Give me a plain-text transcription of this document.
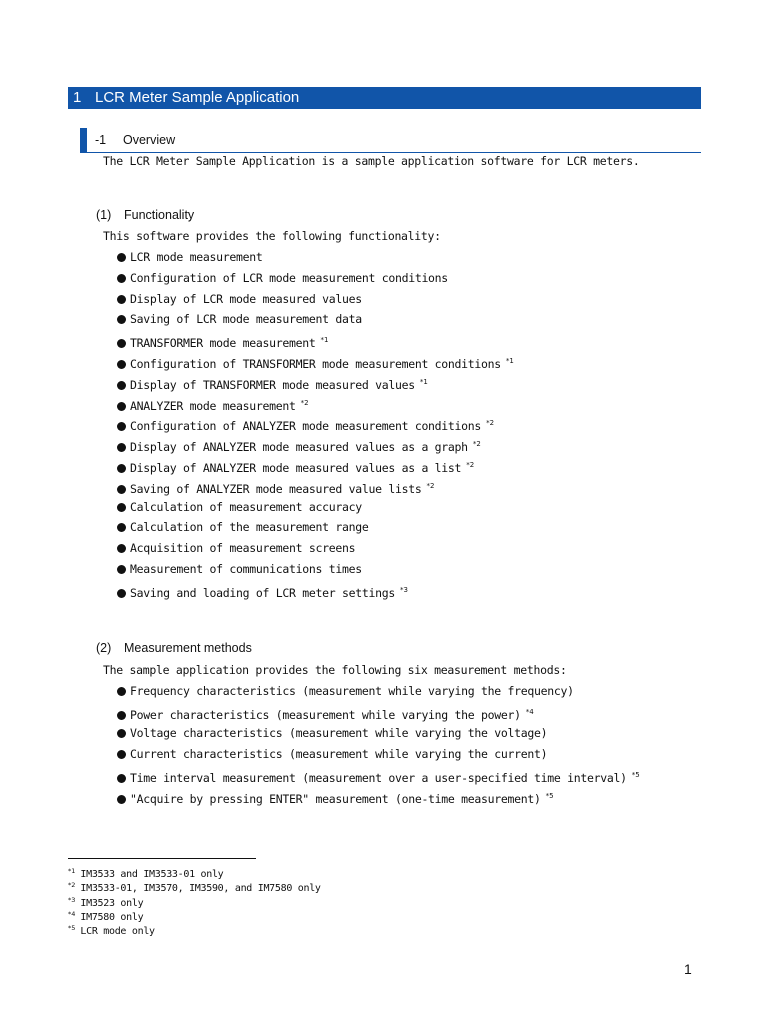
1 LCR Meter Sample Application
-1 Overview
The LCR Meter Sample Application is a sample application software for LCR meters.
(1) Functionality
This software provides the following functionality:
LCR mode measurement
Configuration of LCR mode measurement conditions
Display of LCR mode measured values
Saving of LCR mode measurement data
TRANSFORMER mode measurement $^{*1}$
Configuration of TRANSFORMER mode measurement conditions $^{*1}$
Display of TRANSFORMER mode measured values $^{*1}$
ANALYZER mode measurement $^{*2}$
Configuration of ANALYZER mode measurement conditions $^{*2}$
Display of ANALYZER mode measured values as a graph $^{*2}$
Display of ANALYZER mode measured values as a list $^{*2}$
Saving of ANALYZER mode measured value lists $^{*2}$
Calculation of measurement accuracy
Calculation of the measurement range
Acquisition of measurement screens
Measurement of communications times
Saving and loading of LCR meter settings $^{*3}$
(2) Measurement methods
The sample application provides the following six measurement methods:
Frequency characteristics (measurement while varying the frequency)
Power characteristics (measurement while varying the power) $^{*4}$
Voltage characteristics (measurement while varying the voltage)
Current characteristics (measurement while varying the current)
Time interval measurement (measurement over a user-specified time interval) $^{*5}$
"Acquire by pressing ENTER" measurement (one-time measurement) $^{*5}$
$^{*1}$ IM3533 and IM3533-01 only
$^{*2}$ IM3533-01, IM3570, IM3590, and IM7580 only
$^{*3}$ IM3523 only
$^{*4}$ IM7580 only
$^{*5}$ LCR mode only
1
